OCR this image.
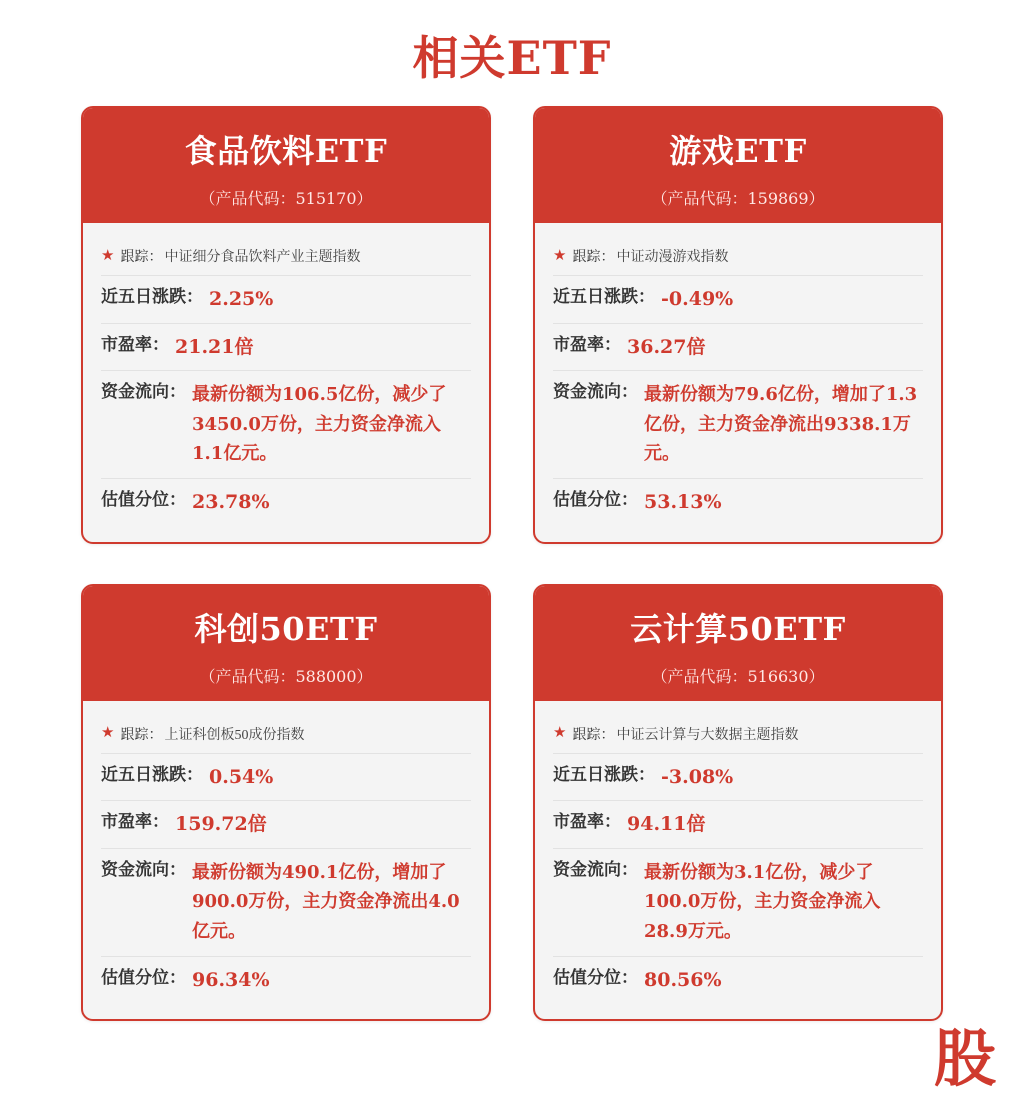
相关ETF
食品饮料ETF
（产品代码：515170）
★ 跟踪： 中证细分食品饮料产业主题指数
近五日涨跌： 2.25%
市盈率： 21.21倍
资金流向： 最新份额为106.5亿份，减少了3450.0万份，主力资金净流入1.1亿元。
估值分位： 23.78%
游戏ETF
（产品代码：159869）
★ 跟踪： 中证动漫游戏指数
近五日涨跌： -0.49%
市盈率： 36.27倍
资金流向： 最新份额为79.6亿份，增加了1.3亿份，主力资金净流出9338.1万元。
估值分位： 53.13%
科创50ETF
（产品代码：588000）
★ 跟踪： 上证科创板50成份指数
近五日涨跌： 0.54%
市盈率： 159.72倍
资金流向： 最新份额为490.1亿份，增加了900.0万份，主力资金净流出4.0亿元。
估值分位： 96.34%
云计算50ETF
（产品代码：516630）
★ 跟踪： 中证云计算与大数据主题指数
近五日涨跌： -3.08%
市盈率： 94.11倍
资金流向： 最新份额为3.1亿份，减少了100.0万份，主力资金净流入28.9万元。
估值分位： 80.56%
股
